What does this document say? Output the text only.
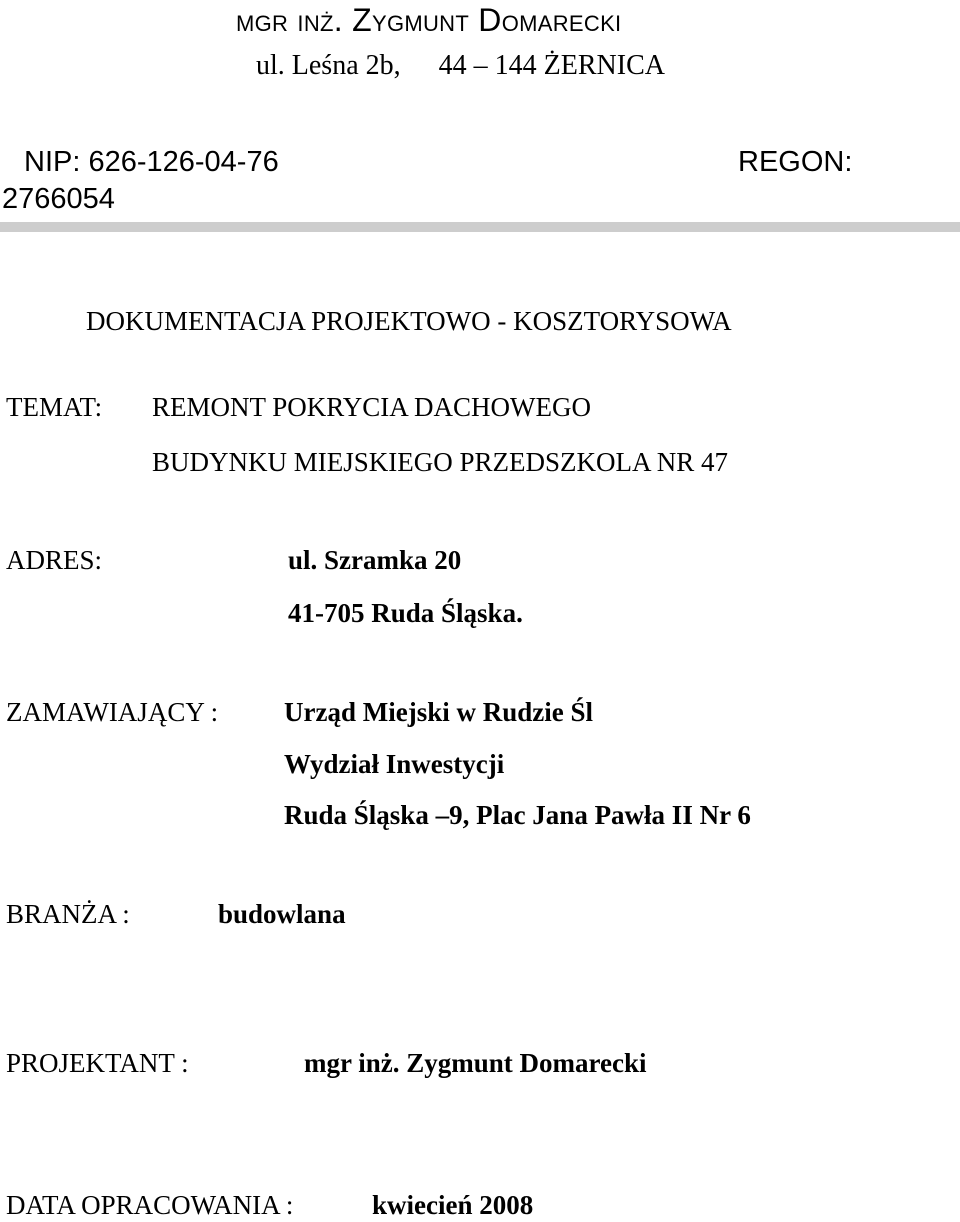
mgr inż. Zygmunt Domarecki
ul. Leśna 2b, 44 – 144 ŻERNICA
NIP: 626-126-04-76	REGON:
2766054
DOKUMENTACJA PROJEKTOWO - KOSZTORYSOWA
TEMAT: REMONT POKRYCIA DACHOWEGO
BUDYNKU MIEJSKIEGO PRZEDSZKOLA NR 47
ADRES:	ul. Szramka 20
41-705 Ruda Śląska.
ZAMAWIAJĄCY : Urząd Miejski w Rudzie Śl
Wydział Inwestycji
Ruda Śląska –9, Plac Jana Pawła II Nr 6
BRANŻA :	budowlana
PROJEKTANT :	mgr inż. Zygmunt Domarecki
DATA OPRACOWANIA :	kwiecień 2008
